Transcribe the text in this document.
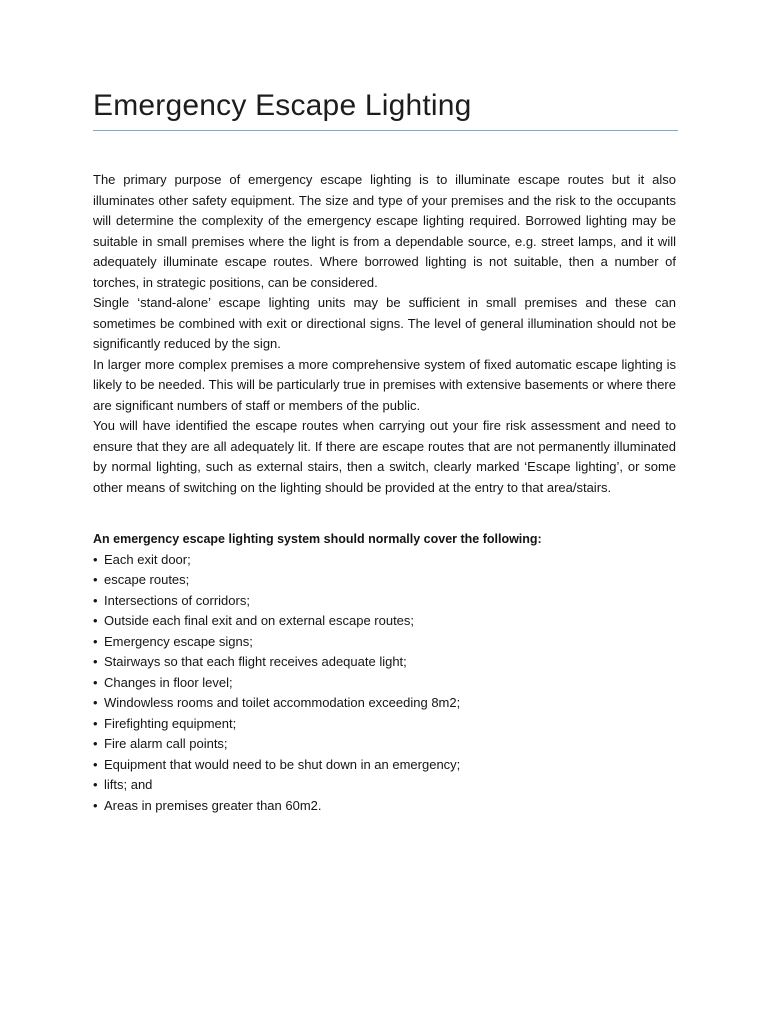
Emergency Escape Lighting

The primary purpose of emergency escape lighting is to illuminate escape routes but it also illuminates other safety equipment. The size and type of your premises and the risk to the occupants will determine the complexity of the emergency escape lighting required. Borrowed lighting may be suitable in small premises where the light is from a dependable source, e.g. street lamps, and it will adequately illuminate escape routes. Where borrowed lighting is not suitable, then a number of torches, in strategic positions, can be considered.

Single ‘stand-alone’ escape lighting units may be sufficient in small premises and these can sometimes be combined with exit or directional signs. The level of general illumination should not be significantly reduced by the sign.

In larger more complex premises a more comprehensive system of fixed automatic escape lighting is likely to be needed. This will be particularly true in premises with extensive basements or where there are significant numbers of staff or members of the public.

You will have identified the escape routes when carrying out your fire risk assessment and need to ensure that they are all adequately lit. If there are escape routes that are not permanently illuminated by normal lighting, such as external stairs, then a switch, clearly marked ‘Escape lighting’, or some other means of switching on the lighting should be provided at the entry to that area/stairs.

An emergency escape lighting system should normally cover the following:

• Each exit door;
• escape routes;
• Intersections of corridors;
• Outside each final exit and on external escape routes;
• Emergency escape signs;
• Stairways so that each flight receives adequate light;
• Changes in floor level;
• Windowless rooms and toilet accommodation exceeding 8m2;
• Firefighting equipment;
• Fire alarm call points;
• Equipment that would need to be shut down in an emergency;
• lifts; and
• Areas in premises greater than 60m2.
